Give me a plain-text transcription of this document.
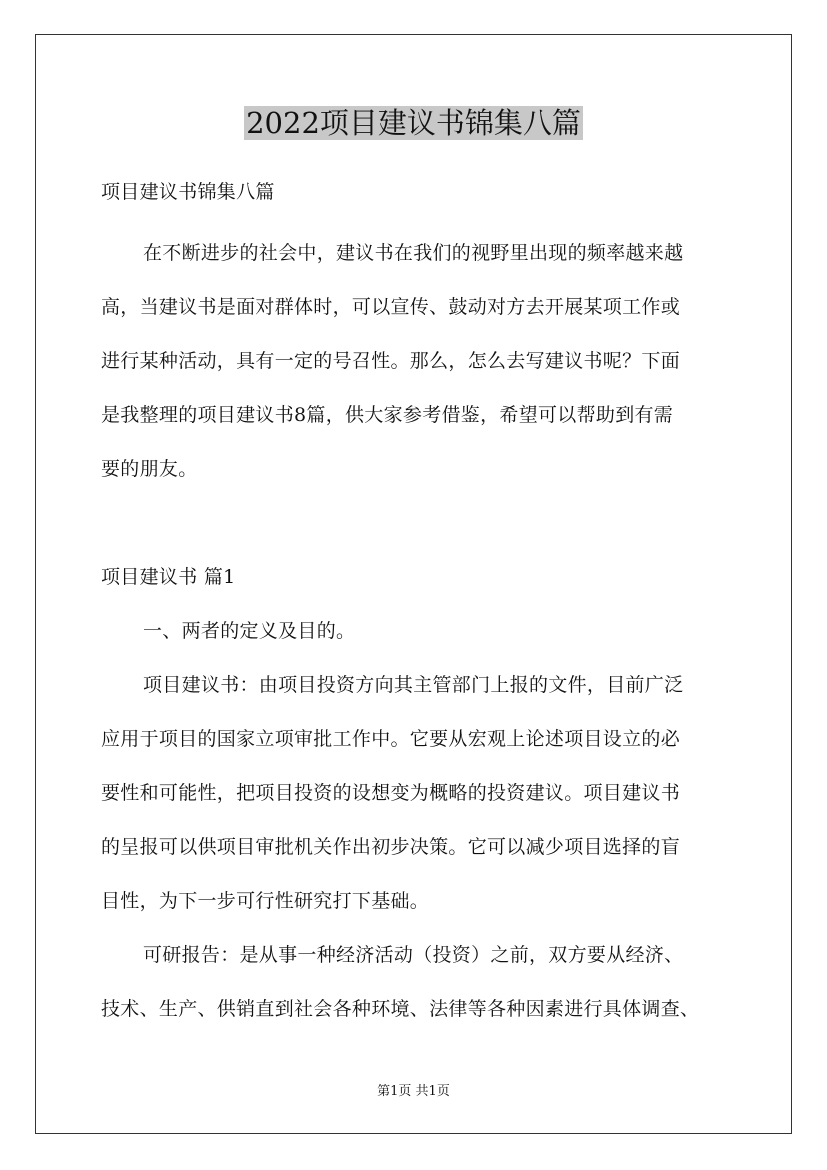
2022项目建议书锦集八篇

项目建议书锦集八篇

在不断进步的社会中，建议书在我们的视野里出现的频率越来越

高，当建议书是面对群体时，可以宣传、鼓动对方去开展某项工作或

进行某种活动，具有一定的号召性。那么，怎么去写建议书呢？下面

是我整理的项目建议书8篇，供大家参考借鉴，希望可以帮助到有需

要的朋友。

项目建议书 篇1

一、两者的定义及目的。

项目建议书：由项目投资方向其主管部门上报的文件，目前广泛

应用于项目的国家立项审批工作中。它要从宏观上论述项目设立的必

要性和可能性，把项目投资的设想变为概略的投资建议。项目建议书

的呈报可以供项目审批机关作出初步决策。它可以减少项目选择的盲

目性，为下一步可行性研究打下基础。

可研报告：是从事一种经济活动（投资）之前，双方要从经济、

技术、生产、供销直到社会各种环境、法律等各种因素进行具体调查、

第1页 共1页
